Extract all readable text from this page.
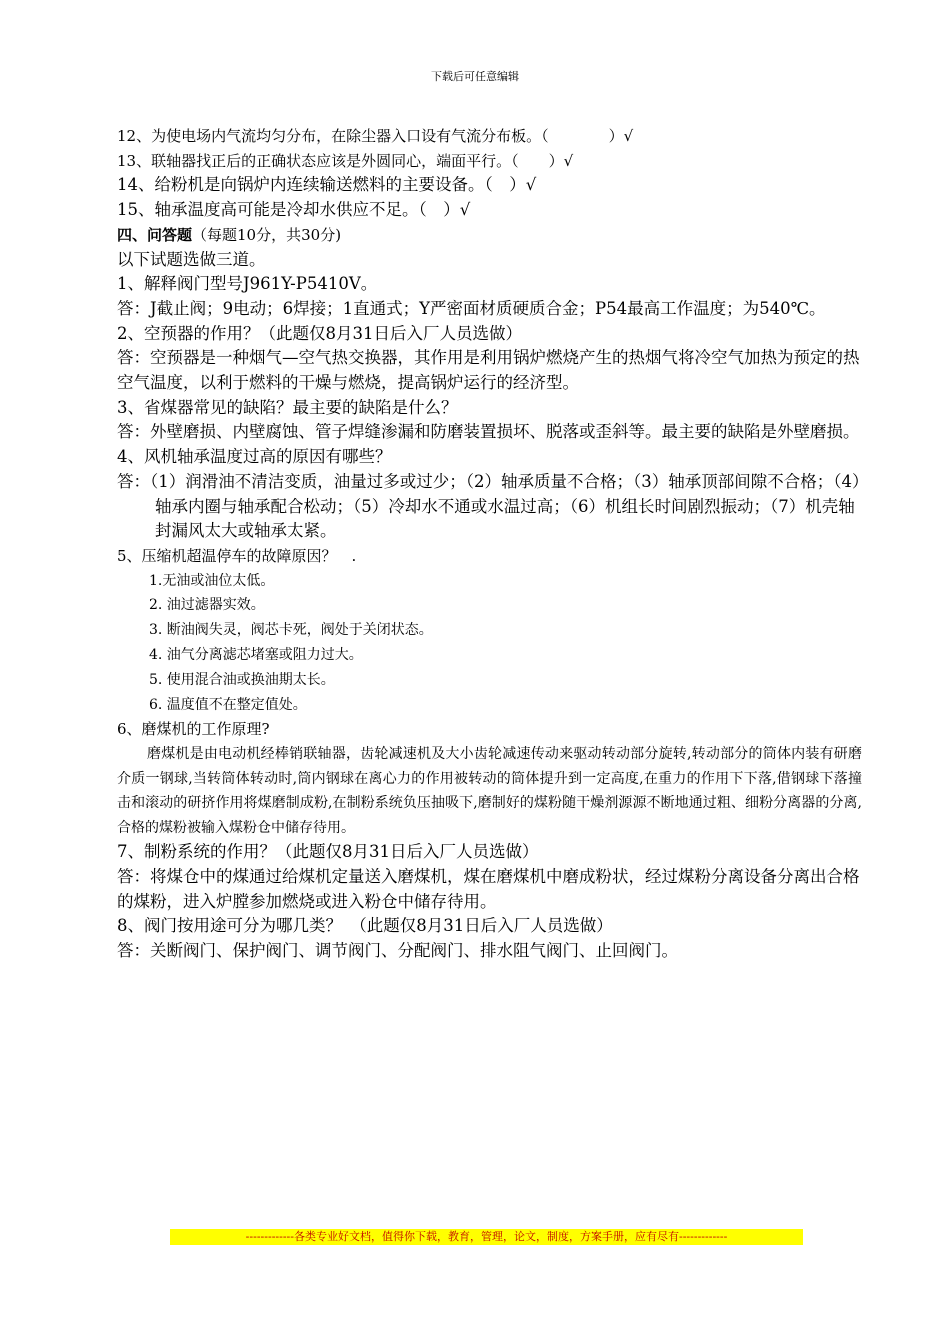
下载后可任意编辑

12、为使电场内气流均匀分布，在除尘器入口设有气流分布板。（　　　　）√

13、联轴器找正后的正确状态应该是外圆同心，端面平行。（　　）√

14、给粉机是向锅炉内连续输送燃料的主要设备。（　）√

15、轴承温度高可能是冷却水供应不足。（　）√

四、问答题（每题10分，共30分)

以下试题选做三道。

1、解释阀门型号J961Y-P5410V。

答：J截止阀；9电动；6焊接；1直通式；Y严密面材质硬质合金；P54最高工作温度；为540℃。

2、空预器的作用？（此题仅8月31日后入厂人员选做）

答：空预器是一种烟气—空气热交换器，其作用是利用锅炉燃烧产生的热烟气将冷空气加热为预定的热空气温度，以利于燃料的干燥与燃烧，提高锅炉运行的经济型。

3、省煤器常见的缺陷？最主要的缺陷是什么？

答：外壁磨损、内壁腐蚀、管子焊缝渗漏和防磨装置损坏、脱落或歪斜等。最主要的缺陷是外壁磨损。

4、风机轴承温度过高的原因有哪些？

答：（1）润滑油不清洁变质，油量过多或过少；（2）轴承质量不合格；（3）轴承顶部间隙不合格；（4）轴承内圈与轴承配合松动；（5）冷却水不通或水温过高；（6）机组长时间剧烈振动；（7）机壳轴封漏风太大或轴承太紧。

5、压缩机超温停车的故障原因？　.

1.无油或油位太低。

2. 油过滤器实效。

3. 断油阀失灵，阀芯卡死，阀处于关闭状态。

4. 油气分离滤芯堵塞或阻力过大。

5. 使用混合油或换油期太长。

6. 温度值不在整定值处。

6、磨煤机的工作原理?

磨煤机是由电动机经棒销联轴器，齿轮减速机及大小齿轮减速传动来驱动转动部分旋转,转动部分的筒体内装有研磨介质一钢球,当转筒体转动时,筒内钢球在离心力的作用被转动的筒体提升到一定高度,在重力的作用下下落,借钢球下落撞击和滚动的研挤作用将煤磨制成粉,在制粉系统负压抽吸下,磨制好的煤粉随干燥剂源源不断地通过粗、细粉分离器的分离,合格的煤粉被输入煤粉仓中储存待用。

7、制粉系统的作用？（此题仅8月31日后入厂人员选做）

答：将煤仓中的煤通过给煤机定量送入磨煤机，煤在磨煤机中磨成粉状，经过煤粉分离设备分离出合格的煤粉，进入炉膛参加燃烧或进入粉仓中储存待用。

8、阀门按用途可分为哪几类？　（此题仅8月31日后入厂人员选做）

答：关断阀门、保护阀门、调节阀门、分配阀门、排水阻气阀门、止回阀门。

-------------各类专业好文档，值得你下载，教育，管理，论文，制度，方案手册，应有尽有-------------
